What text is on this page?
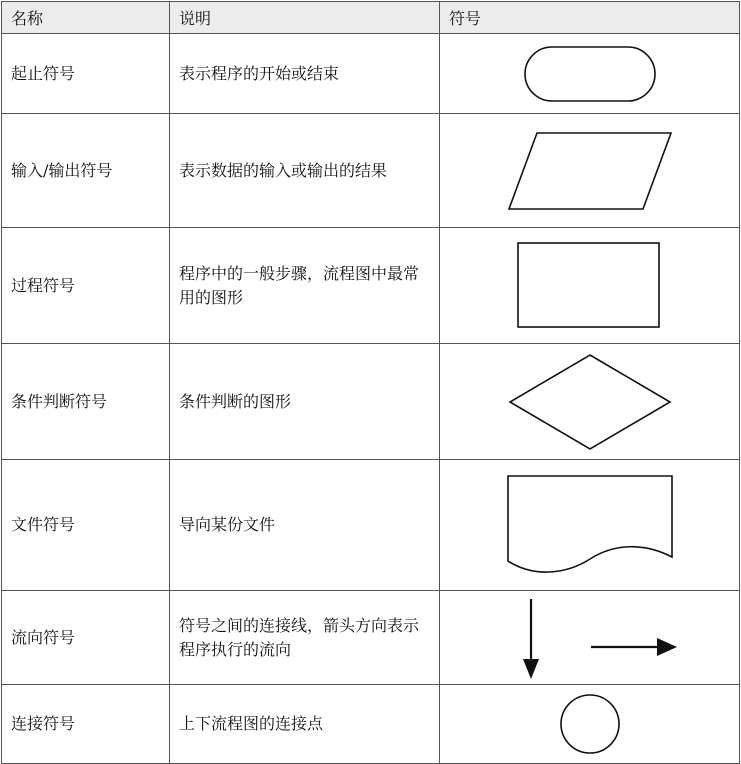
名称	说明	符号
起止符号	表示程序的开始或结束	

输入/输出符号	表示数据的输入或输出的结果	

过程符号	程序中的一般步骤，流程图中最常用的图形	

条件判断符号	条件判断的图形	

文件符号	导向某份文件	

流向符号	符号之间的连接线，箭头方向表示程序执行的流向	

连接符号	上下流程图的连接点	
